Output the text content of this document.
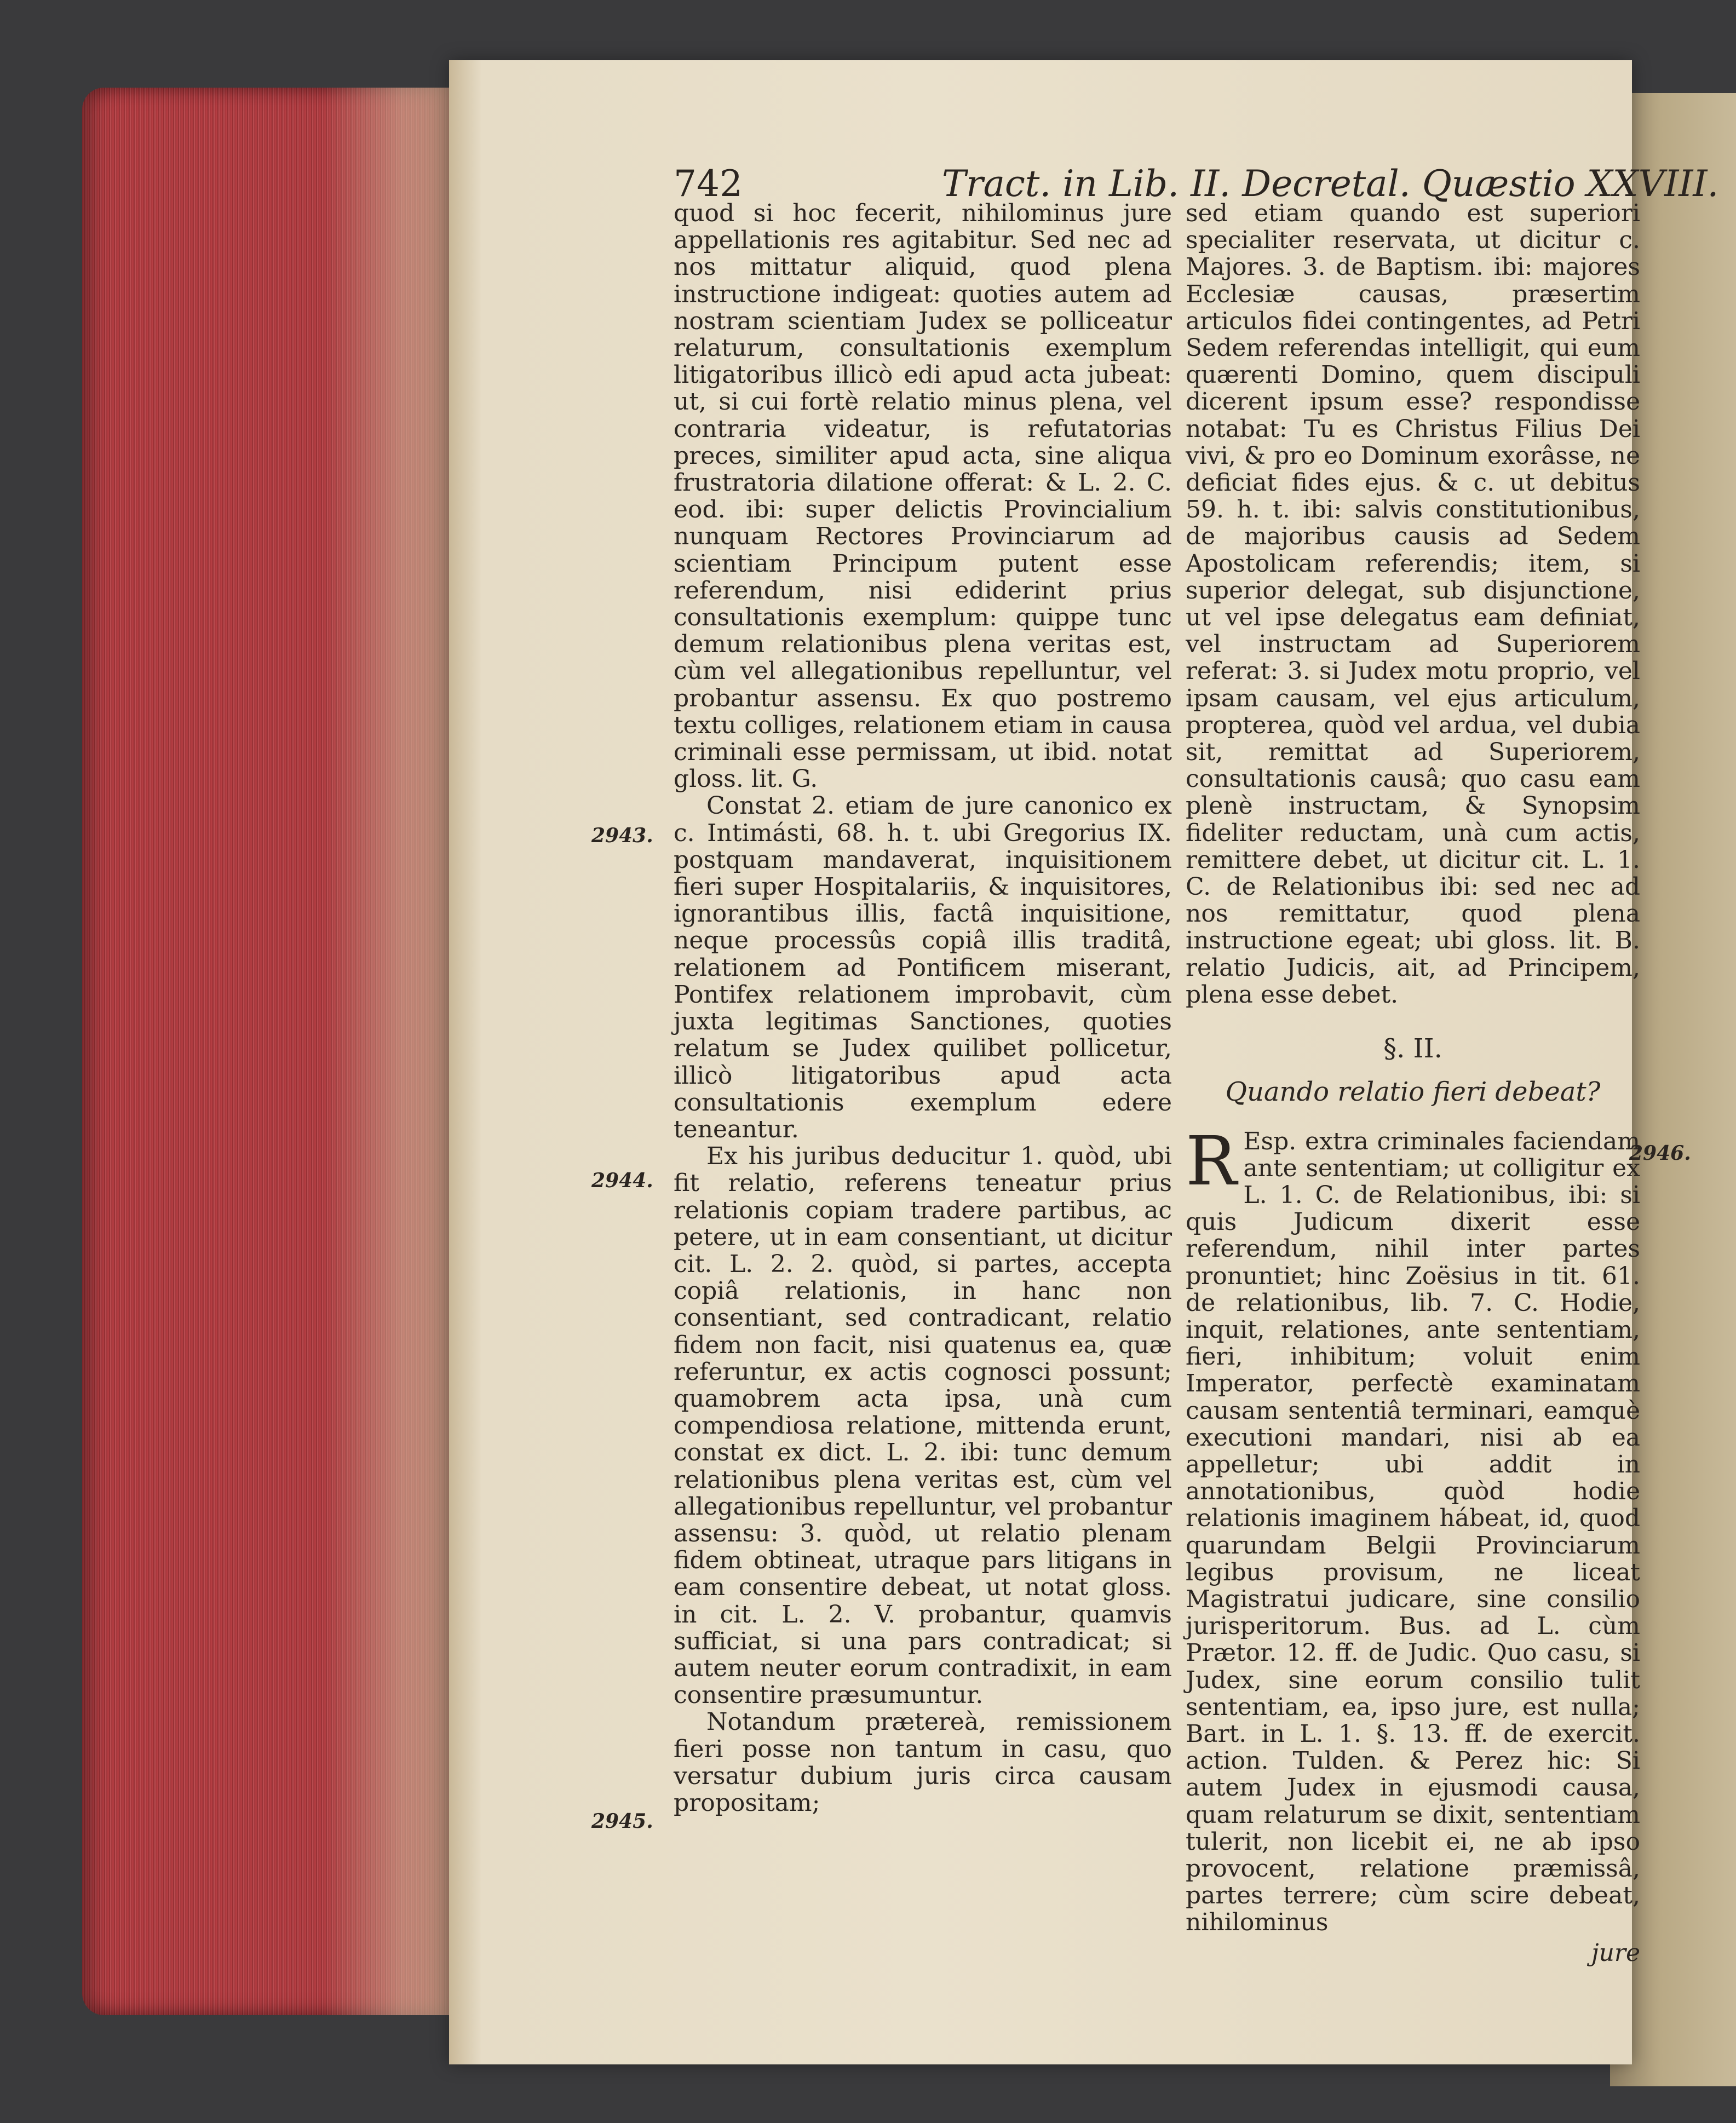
742	Tract. in Lib. II. Decretal. Quæstio XXVIII.
2943.
2944.
2945.
2946.

quod si hoc fecerit, nihilominus jure appellationis res agitabitur. Sed nec ad nos mittatur aliquid, quod plena instructione indigeat: quoties autem ad nostram scientiam Judex se polliceatur relaturum, consultationis exemplum litigatoribus illicò edi apud acta jubeat: ut, si cui fortè relatio minus plena, vel contraria videatur, is refutatorias preces, similiter apud acta, sine aliqua frustratoria dilatione offerat: & L. 2. C. eod. ibi: super delictis Provincialium nunquam Rectores Provinciarum ad scientiam Principum putent esse referendum, nisi ediderint prius consultationis exemplum: quippe tunc demum relationibus plena veritas est, cùm vel allegationibus repelluntur, vel probantur assensu. Ex quo postremo textu colliges, relationem etiam in causa criminali esse permissam, ut ibid. notat gloss. lit. G.

Constat 2. etiam de jure canonico ex c. Intimásti, 68. h. t. ubi Gregorius IX. postquam mandaverat, inquisitionem fieri super Hospitalariis, & inquisitores, ignorantibus illis, factâ inquisitione, neque processûs copiâ illis traditâ, relationem ad Pontificem miserant, Pontifex relationem improbavit, cùm juxta legitimas Sanctiones, quoties relatum se Judex quilibet pollicetur, illicò litigatoribus apud acta consultationis exemplum edere teneantur.

Ex his juribus deducitur 1. quòd, ubi fit relatio, referens teneatur prius relationis copiam tradere partibus, ac petere, ut in eam consentiant, ut dicitur cit. L. 2. 2. quòd, si partes, accepta copiâ relationis, in hanc non consentiant, sed contradicant, relatio fidem non facit, nisi quatenus ea, quæ referuntur, ex actis cognosci possunt; quamobrem acta ipsa, unà cum compendiosa relatione, mittenda erunt, constat ex dict. L. 2. ibi: tunc demum relationibus plena veritas est, cùm vel allegationibus repelluntur, vel probantur assensu: 3. quòd, ut relatio plenam fidem obtineat, utraque pars litigans in eam consentire debeat, ut notat gloss. in cit. L. 2. V. probantur, quamvis sufficiat, si una pars contradicat; si autem neuter eorum contradixit, in eam consentire præsumuntur.

Notandum prætereà, remissionem fieri posse non tantum in casu, quo versatur dubium juris circa causam propositam;

sed etiam quando est superiori specialiter reservata, ut dicitur c. Majores. 3. de Baptism. ibi: majores Ecclesiæ causas, præsertim articulos fidei contingentes, ad Petri Sedem referendas intelligit, qui eum quærenti Domino, quem discipuli dicerent ipsum esse? respondisse notabat: Tu es Christus Filius Dei vivi, & pro eo Dominum exorâsse, ne deficiat fides ejus. & c. ut debitus 59. h. t. ibi: salvis constitutionibus, de majoribus causis ad Sedem Apostolicam referendis; item, si superior delegat, sub disjunctione, ut vel ipse delegatus eam definiat, vel instructam ad Superiorem referat: 3. si Judex motu proprio, vel ipsam causam, vel ejus articulum, propterea, quòd vel ardua, vel dubia sit, remittat ad Superiorem, consultationis causâ; quo casu eam plenè instructam, & Synopsim fideliter reductam, unà cum actis, remittere debet, ut dicitur cit. L. 1. C. de Relationibus ibi: sed nec ad nos remittatur, quod plena instructione egeat; ubi gloss. lit. B. relatio Judicis, ait, ad Principem, plena esse debet.

§. II.
Quando relatio fieri debeat?

R Esp. extra criminales faciendam ante sententiam; ut colligitur ex L. 1. C. de Relationibus, ibi: si quis Judicum dixerit esse referendum, nihil inter partes pronuntiet; hinc Zoësius in tit. 61. de relationibus, lib. 7. C. Hodie, inquit, relationes, ante sententiam, fieri, inhibitum; voluit enim Imperator, perfectè examinatam causam sententiâ terminari, eamquè executioni mandari, nisi ab ea appelletur; ubi addit in annotationibus, quòd hodie relationis imaginem hábeat, id, quod quarundam Belgii Provinciarum legibus provisum, ne liceat Magistratui judicare, sine consilio jurisperitorum. Bus. ad L. cùm Prætor. 12. ff. de Judic. Quo casu, si Judex, sine eorum consilio tulit sententiam, ea, ipso jure, est nulla; Bart. in L. 1. §. 13. ff. de exercit. action. Tulden. & Perez hic: Si autem Judex in ejusmodi causa, quam relaturum se dixit, sententiam tulerit, non licebit ei, ne ab ipso provocent, relatione præmissâ, partes terrere; cùm scire debeat, nihilominus

jure
